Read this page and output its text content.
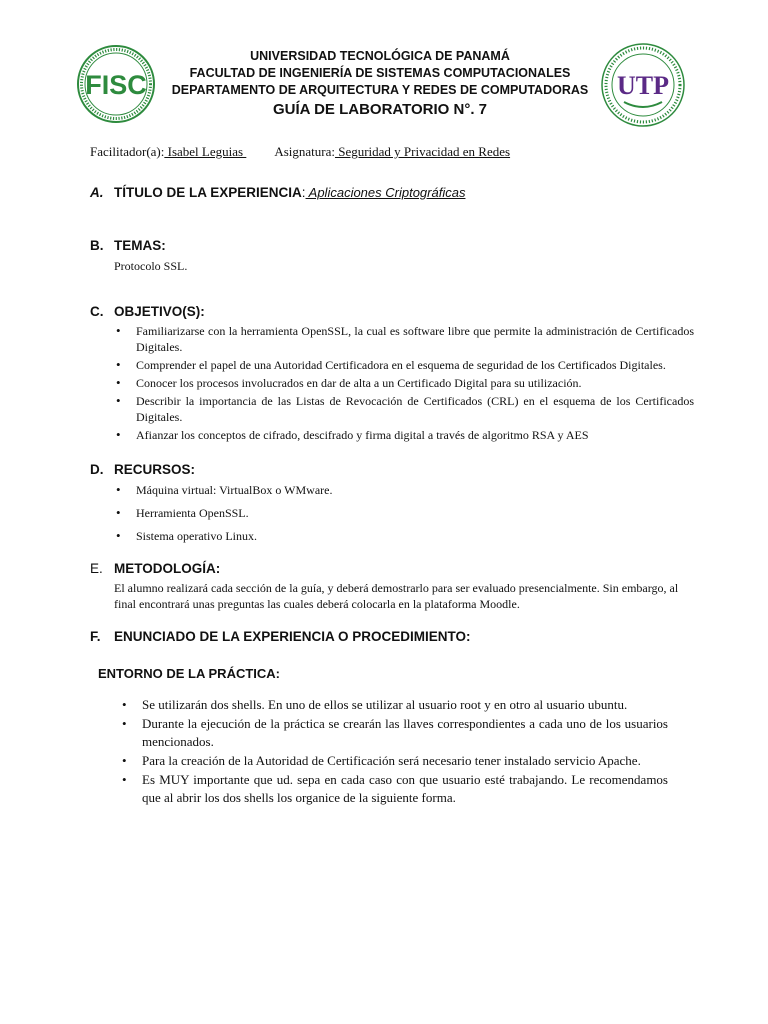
FISC
UNIVERSIDAD TECNOLÓGICA DE PANAMÁ
FACULTAD DE INGENIERÍA DE SISTEMAS COMPUTACIONALES
DEPARTAMENTO DE ARQUITECTURA Y REDES DE COMPUTADORAS
GUÍA DE LABORATORIO N°. 7
UTP
Facilitador(a): Isabel Leguias Asignatura: Seguridad y Privacidad en Redes
A. TÍTULO DE LA EXPERIENCIA: Aplicaciones Criptográficas
B. TEMAS:
Protocolo SSL.
C. OBJETIVO(S):
• Familiarizarse con la herramienta OpenSSL, la cual es software libre que permite la administración de Certificados Digitales.
• Comprender el papel de una Autoridad Certificadora en el esquema de seguridad de los Certificados Digitales.
• Conocer los procesos involucrados en dar de alta a un Certificado Digital para su utilización.
• Describir la importancia de las Listas de Revocación de Certificados (CRL) en el esquema de los Certificados Digitales.
• Afianzar los conceptos de cifrado, descifrado y firma digital a través de algoritmo RSA y AES
D. RECURSOS:
• Máquina virtual: VirtualBox o WMware.
• Herramienta OpenSSL.
• Sistema operativo Linux.
E. METODOLOGÍA:
El alumno realizará cada sección de la guía, y deberá demostrarlo para ser evaluado presencialmente. Sin embargo, al final encontrará unas preguntas las cuales deberá colocarla en la plataforma Moodle.
F. ENUNCIADO DE LA EXPERIENCIA O PROCEDIMIENTO:
ENTORNO DE LA PRÁCTICA:
• Se utilizarán dos shells. En uno de ellos se utilizar al usuario root y en otro al usuario ubuntu.
• Durante la ejecución de la práctica se crearán las llaves correspondientes a cada uno de los usuarios mencionados.
• Para la creación de la Autoridad de Certificación será necesario tener instalado servicio Apache.
• Es MUY importante que ud. sepa en cada caso con que usuario esté trabajando. Le recomendamos que al abrir los dos shells los organice de la siguiente forma.
